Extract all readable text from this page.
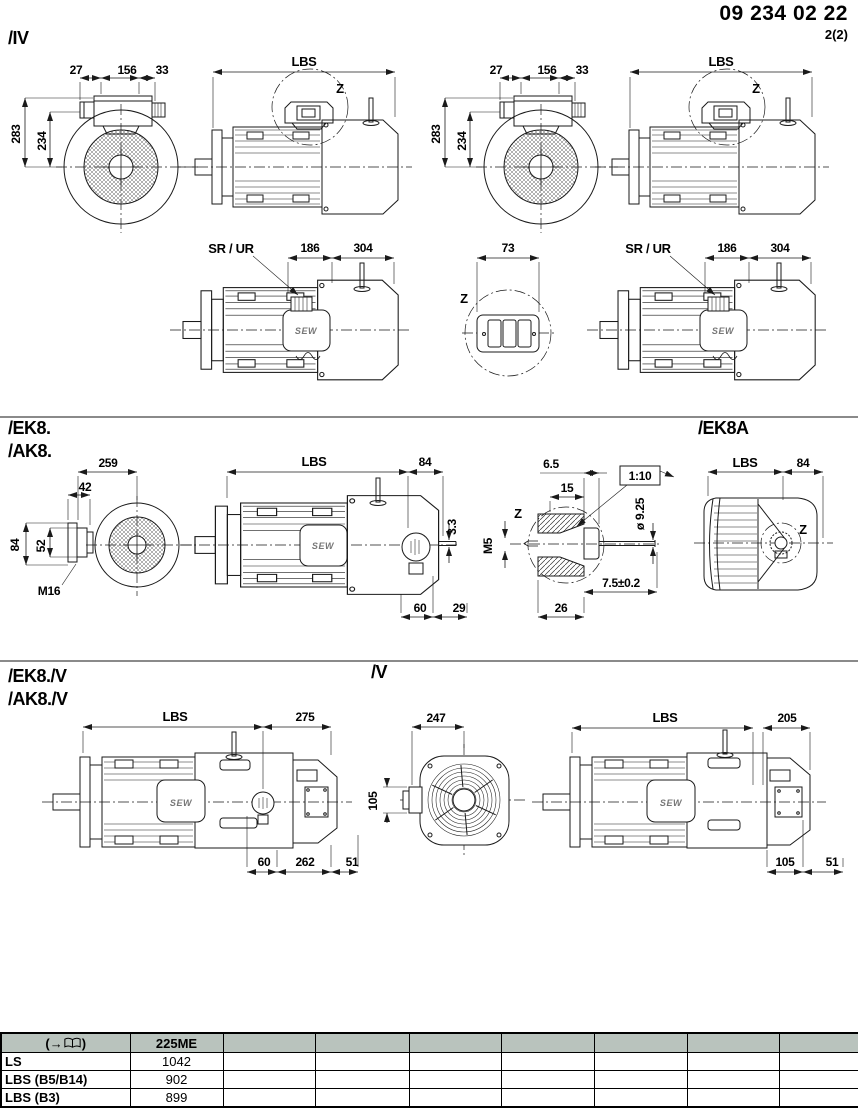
09 234 02 22
2(2)
/IV
/EK8.
/AK8.
/EK8A
/EK8./V
/AK8./V
/V
27	156 33
283 234
27	156 33
283 234
LBS
Z
LBS
Z
SR / UR	186	304	SR / UR	186	304
73
Z
259
42
84 52
M16
LBS	84
3.3
60 29
6.5
15
1:10
ø 9.25
Z
M5
7.5±0.2
26
LBS	84
Z
LBS	275
60 262	51
247
105
LBS	205
105	51
SEW	SEW
SEW
SEW	SEW
(→ )	225ME							
LS	1042							
LBS (B5/B14)	902							
LBS (B3)	899							
